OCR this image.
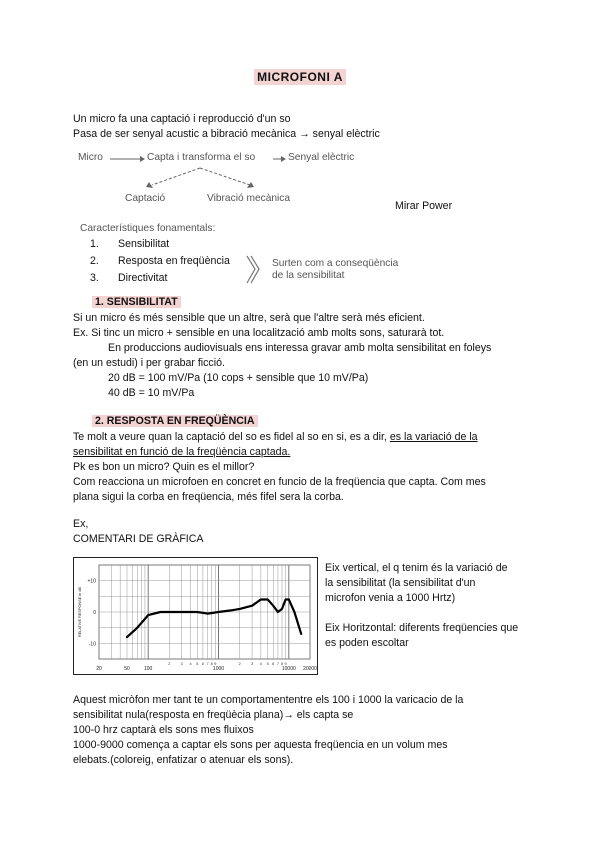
MICROFONI A
Un micro fa una captació i reproducció d'un so
Pasa de ser senyal acustic a bibració mecànica → senyal elèctric
Micro	Capta i transforma el so	Senyal elèctric
Captació	Vibració mecànica
Mirar Power
Característiques fonamentals:
1. Sensibilitat
2. Resposta en freqüència
3. Directivitat
Surten com a conseqüència
de la sensibilitat
1. SENSIBILITAT
Si un micro és més sensible que un altre, serà que l'altre serà més eficient.
Ex. Si tinc un micro + sensible en una localització amb molts sons, saturarà tot.
En produccions audiovisuals ens interessa gravar amb molta sensibilitat en foleys
(en un estudi) i per grabar ficció.
20 dB = 100 mV/Pa (10 cops + sensible que 10 mV/Pa)
40 dB = 10 mV/Pa
2. RESPOSTA EN FREQÜÈNCIA
Te molt a veure quan la captació del so es fidel al so en si, es a dir, es la variació de la
sensibilitat en funció de la freqüència captada.
Pk es bon un micro? Quin es el millor?
Com reacciona un microfoen en concret en funcio de la freqüencia que capta. Com mes
plana sigui la corba en freqüencia, més fifel sera la corba.
Ex,
COMENTARI DE GRÀFICA
+10
0
-10
20	50	100	1000	10000 20000
2	3 4 5 6 7 8 9	2	3 4 5 6 7 8 9
RELATIVE RESPONSE in dB
Eix vertical, el q tenim és la variació de
la sensibilitat (la sensibilitat d'un
microfon venia a 1000 Hrtz)
Eix Horitzontal: diferents freqüencies que
es poden escoltar
Aquest micròfon mer tant te un comportamententre els 100 i 1000 la varicacio de la
sensibilitat nula(resposta en freqüècia plana)→ els capta se
100-0 hrz captarà els sons mes fluixos
1000-9000 comença a captar els sons per aquesta freqüencia en un volum mes
elebats.(coloreig, enfatizar o atenuar els sons).
